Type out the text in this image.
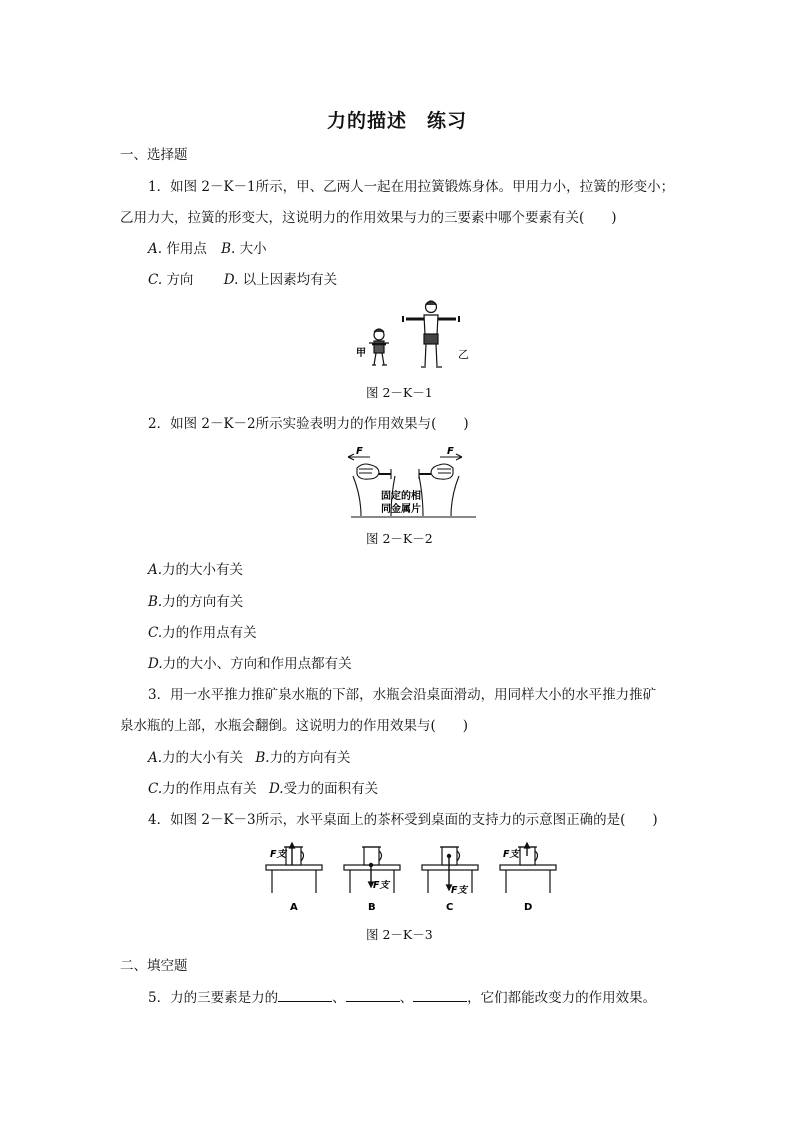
力的描述　练习
一、选择题
1．如图 2－K－1所示，甲、乙两人一起在用拉簧锻炼身体。甲用力小，拉簧的形变小；
乙用力大，拉簧的形变大，这说明力的作用效果与力的三要素中哪个要素有关(　　)
A. 作用点 B. 大小
C. 方向 D. 以上因素均有关
甲	乙
图 2－K－1
2．如图 2－K－2所示实验表明力的作用效果与(　　)
F	F
固定的相
同金属片
图 2－K－2
A.力的大小有关
B.力的方向有关
C.力的作用点有关
D.力的大小、方向和作用点都有关
3．用一水平推力推矿泉水瓶的下部，水瓶会沿桌面滑动，用同样大小的水平推力推矿
泉水瓶的上部，水瓶会翻倒。这说明力的作用效果与(　　)
A.力的大小有关 B.力的方向有关
C.力的作用点有关 D.受力的面积有关
4．如图 2－K－3所示，水平桌面上的茶杯受到桌面的支持力的示意图正确的是(　　)
F支
F支	F支
F支
A	B	C	D
图 2－K－3
二、填空题
5．力的三要素是力的	、	、	，它们都能改变力的作用效果。
